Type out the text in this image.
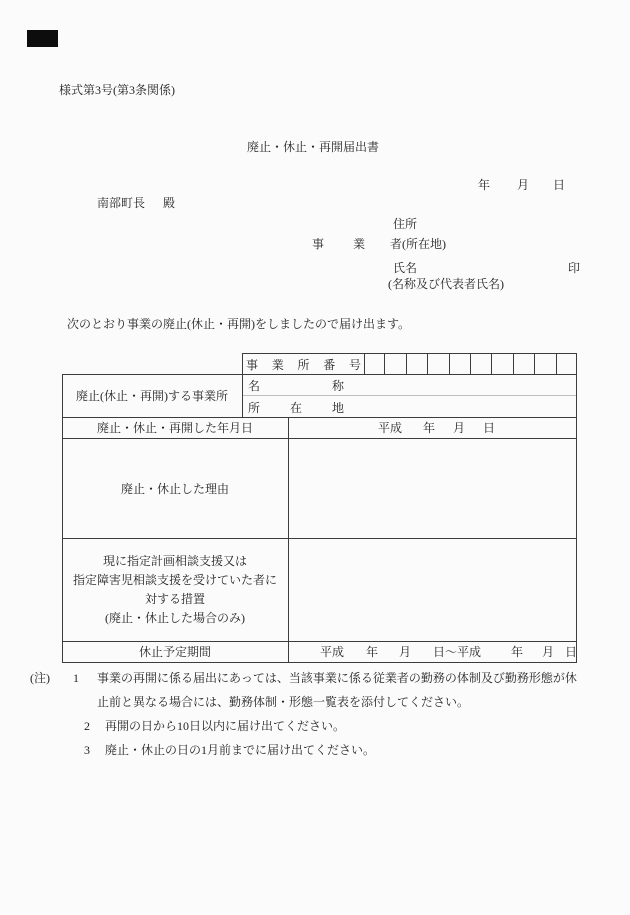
様式第3号(第3条関係)
廃止・休止・再開届出書
年 月 日
南部町長 殿
住所
事 業 者(所在地)
氏名	印
(名称及び代表者氏名)
次のとおり事業の廃止(休止・再開)をしましたので届け出ます。
事 業 所 番 号
廃止(休止・再開)する事業所
名	称
所 在 地
廃止・休止・再開した年月日	平成 年 月 日
廃止・休止した理由
現に指定計画相談支援又は
指定障害児相談支援を受けていた者に
対する措置
(廃止・休止した場合のみ)
休止予定期間	平成 年 月 日～平成 年 月 日
(注) 1 事業の再開に係る届出にあっては、当該事業に係る従業者の勤務の体制及び勤務形態が休
止前と異なる場合には、勤務体制・形態一覧表を添付してください。
2 再開の日から10日以内に届け出てください。
3 廃止・休止の日の1月前までに届け出てください。
